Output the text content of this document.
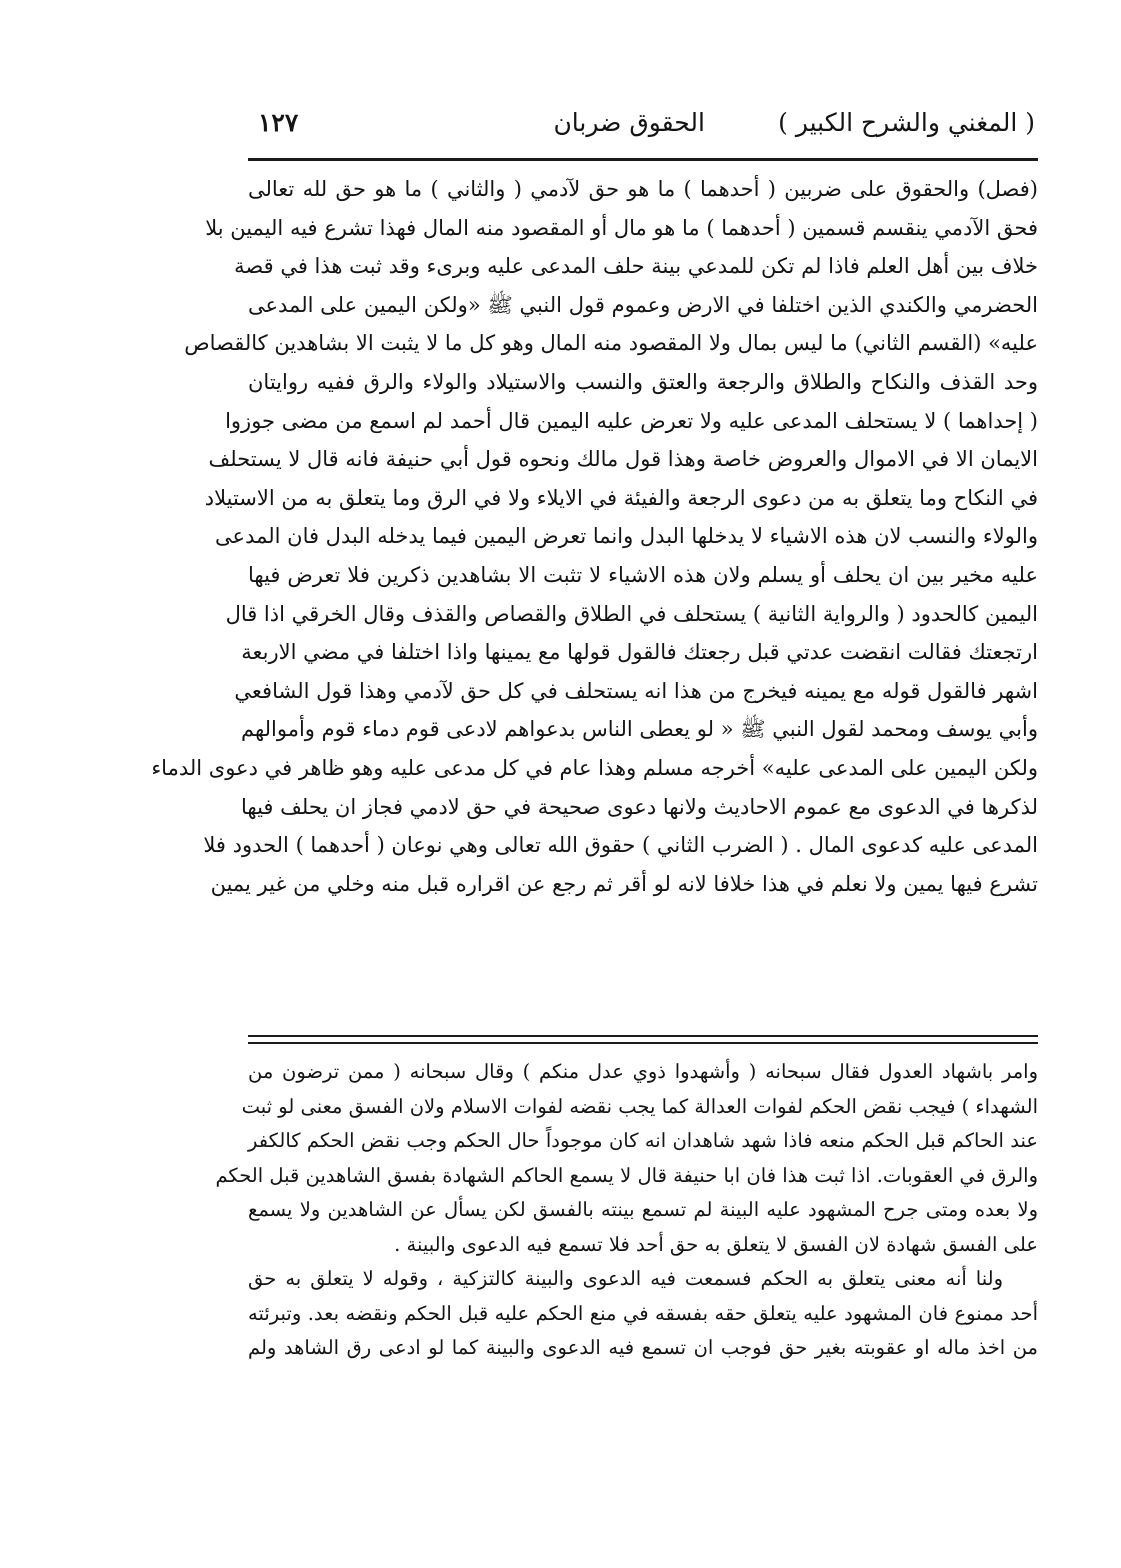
( المغني والشرح الكبير )
الحقوق ضربان
١٢٧
(فصل) والحقوق على ضربين ( أحدهما ) ما هو حق لآدمي ( والثاني ) ما هو حق لله تعالى
فحق الآدمي ينقسم قسمين ( أحدهما ) ما هو مال أو المقصود منه المال فهذا تشرع فيه اليمين بلا
خلاف بين أهل العلم فاذا لم تكن للمدعي بينة حلف المدعى عليه وبرىء وقد ثبت هذا في قصة
الحضرمي والكندي الذين اختلفا في الارض وعموم قول النبي ﷺ «ولكن اليمين على المدعى
عليه» (القسم الثاني) ما ليس بمال ولا المقصود منه المال وهو كل ما لا يثبت الا بشاهدين كالقصاص
وحد القذف والنكاح والطلاق والرجعة والعتق والنسب والاستيلاد والولاء والرق ففيه روايتان
( إحداهما ) لا يستحلف المدعى عليه ولا تعرض عليه اليمين قال أحمد لم اسمع من مضى جوزوا
الايمان الا في الاموال والعروض خاصة وهذا قول مالك ونحوه قول أبي حنيفة فانه قال لا يستحلف
في النكاح وما يتعلق به من دعوى الرجعة والفيئة في الايلاء ولا في الرق وما يتعلق به من الاستيلاد
والولاء والنسب لان هذه الاشياء لا يدخلها البدل وانما تعرض اليمين فيما يدخله البدل فان المدعى
عليه مخير بين ان يحلف أو يسلم ولان هذه الاشياء لا تثبت الا بشاهدين ذكرين فلا تعرض فيها
اليمين كالحدود ( والرواية الثانية ) يستحلف في الطلاق والقصاص والقذف وقال الخرقي اذا قال
ارتجعتك فقالت انقضت عدتي قبل رجعتك فالقول قولها مع يمينها واذا اختلفا في مضي الاربعة
اشهر فالقول قوله مع يمينه فيخرج من هذا انه يستحلف في كل حق لآدمي وهذا قول الشافعي
وأبي يوسف ومحمد لقول النبي ﷺ « لو يعطى الناس بدعواهم لادعى قوم دماء قوم وأموالهم
ولكن اليمين على المدعى عليه» أخرجه مسلم وهذا عام في كل مدعى عليه وهو ظاهر في دعوى الدماء
لذكرها في الدعوى مع عموم الاحاديث ولانها دعوى صحيحة في حق لادمي فجاز ان يحلف فيها
المدعى عليه كدعوى المال . ( الضرب الثاني ) حقوق الله تعالى وهي نوعان ( أحدهما ) الحدود فلا
تشرع فيها يمين ولا نعلم في هذا خلافا لانه لو أقر ثم رجع عن اقراره قبل منه وخلي من غير يمين
وامر باشهاد العدول فقال سبحانه ( وأشهدوا ذوي عدل منكم ) وقال سبحانه ( ممن ترضون من
الشهداء ) فيجب نقض الحكم لفوات العدالة كما يجب نقضه لفوات الاسلام ولان الفسق معنى لو ثبت
عند الحاكم قبل الحكم منعه فاذا شهد شاهدان انه كان موجوداً حال الحكم وجب نقض الحكم كالكفر
والرق في العقوبات. اذا ثبت هذا فان ابا حنيفة قال لا يسمع الحاكم الشهادة بفسق الشاهدين قبل الحكم
ولا بعده ومتى جرح المشهود عليه البينة لم تسمع بينته بالفسق لكن يسأل عن الشاهدين ولا يسمع
على الفسق شهادة لان الفسق لا يتعلق به حق أحد فلا تسمع فيه الدعوى والبينة .
ولنا أنه معنى يتعلق به الحكم فسمعت فيه الدعوى والبينة كالتزكية ، وقوله لا يتعلق به حق
أحد ممنوع فان المشهود عليه يتعلق حقه بفسقه في منع الحكم عليه قبل الحكم ونقضه بعد. وتبرئته
من اخذ ماله او عقوبته بغير حق فوجب ان تسمع فيه الدعوى والبينة كما لو ادعى رق الشاهد ولم
